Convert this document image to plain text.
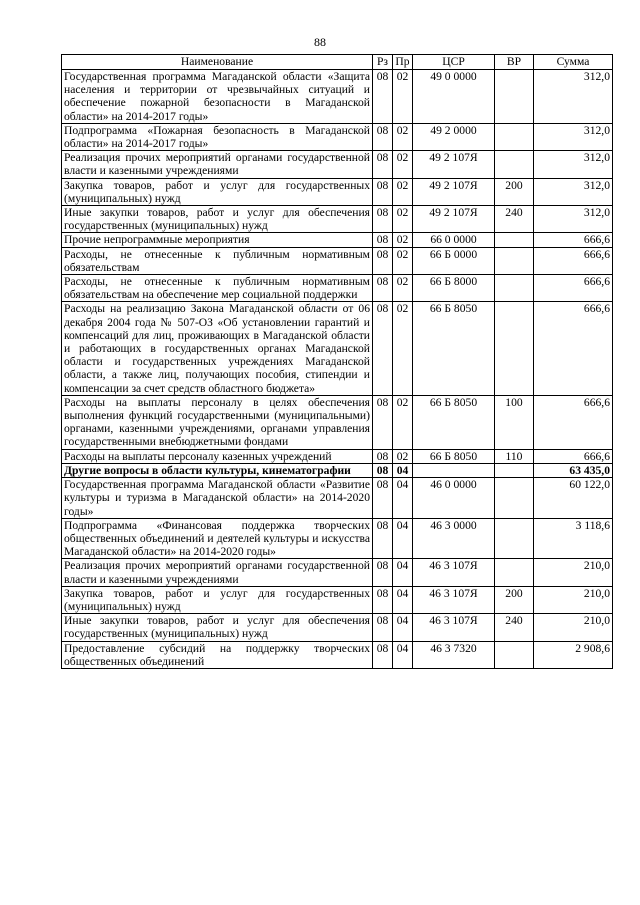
88
Наименование	Рз	Пр	ЦСР	ВР	Сумма
Государственная программа Магаданской области «Защита населения и территории от чрезвычайных ситуаций и обеспечение пожарной безопасности в Магаданской области» на 2014-2017 годы»	08	02	49 0 0000		312,0
Подпрограмма «Пожарная безопасность в Магаданской области» на 2014-2017 годы»	08	02	49 2 0000		312,0
Реализация прочих мероприятий органами государственной власти и казенными учреждениями	08	02	49 2 107Я		312,0
Закупка товаров, работ и услуг для государственных (муниципальных) нужд	08	02	49 2 107Я	200	312,0
Иные закупки товаров, работ и услуг для обеспечения государственных (муниципальных) нужд	08	02	49 2 107Я	240	312,0
Прочие непрограммные мероприятия	08	02	66 0 0000		666,6
Расходы, не отнесенные к публичным нормативным обязательствам	08	02	66 Б 0000		666,6
Расходы, не отнесенные к публичным нормативным обязательствам на обеспечение мер социальной поддержки	08	02	66 Б 8000		666,6
Расходы на реализацию Закона Магаданской области от 06 декабря 2004 года № 507-ОЗ «Об установлении гарантий и компенсаций для лиц, проживающих в Магаданской области и работающих в государственных органах Магаданской области и государственных учреждениях Магаданской области, а также лиц, получающих пособия, стипендии и компенсации за счет средств областного бюджета»	08	02	66 Б 8050		666,6
Расходы на выплаты персоналу в целях обеспечения выполнения функций государственными (муниципальными) органами, казенными учреждениями, органами управления государственными внебюджетными фондами	08	02	66 Б 8050	100	666,6
Расходы на выплаты персоналу казенных учреждений	08	02	66 Б 8050	110	666,6
Другие вопросы в области культуры, кинематографии	08	04			63 435,0
Государственная программа Магаданской области «Развитие культуры и туризма в Магаданской области» на 2014-2020 годы»	08	04	46 0 0000		60 122,0
Подпрограмма «Финансовая поддержка творческих общественных объединений и деятелей культуры и искусства Магаданской области» на 2014-2020 годы»	08	04	46 3 0000		3 118,6
Реализация прочих мероприятий органами государственной власти и казенными учреждениями	08	04	46 3 107Я		210,0
Закупка товаров, работ и услуг для государственных (муниципальных) нужд	08	04	46 3 107Я	200	210,0
Иные закупки товаров, работ и услуг для обеспечения государственных (муниципальных) нужд	08	04	46 3 107Я	240	210,0
Предоставление субсидий на поддержку творческих общественных объединений	08	04	46 3 7320		2 908,6
